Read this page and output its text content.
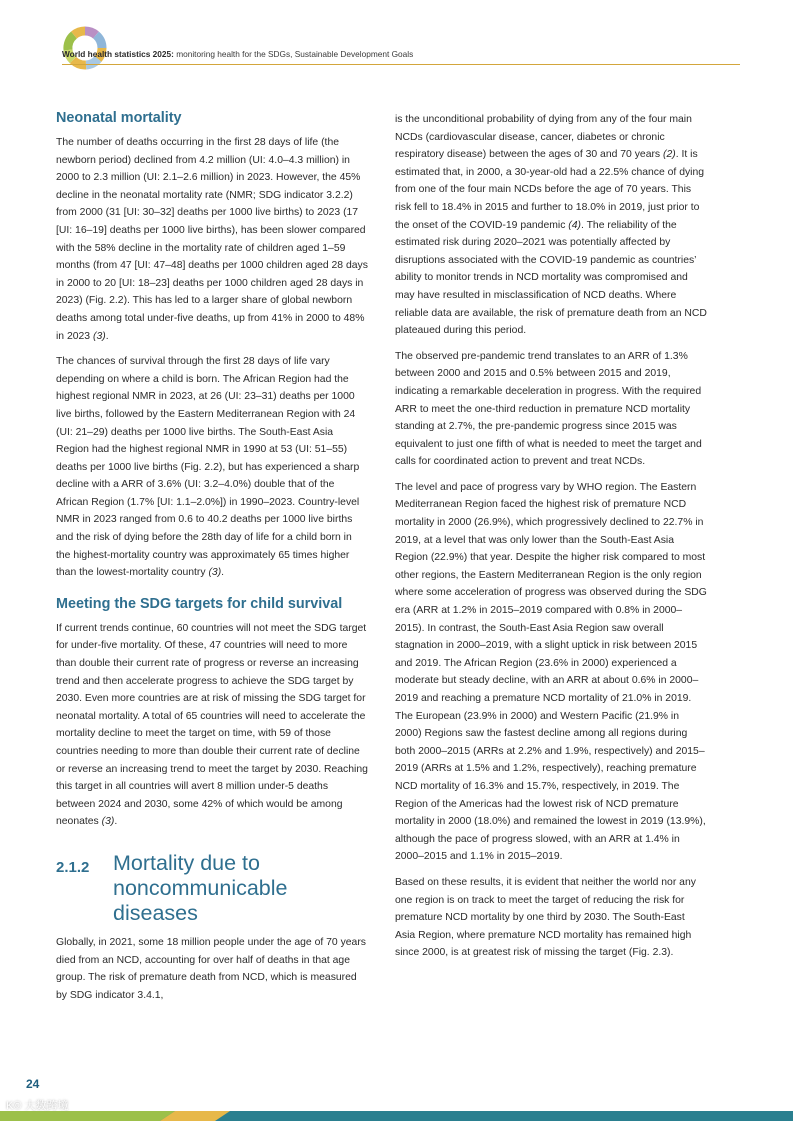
World health statistics 2025: monitoring health for the SDGs, Sustainable Development Goals
Neonatal mortality

The number of deaths occurring in the first 28 days of life (the newborn period) declined from 4.2 million (UI: 4.0–4.3 million) in 2000 to 2.3 million (UI: 2.1–2.6 million) in 2023. However, the 45% decline in the neonatal mortality rate (NMR; SDG indicator 3.2.2) from 2000 (31 [UI: 30–32] deaths per 1000 live births) to 2023 (17 [UI: 16–19] deaths per 1000 live births), has been slower compared with the 58% decline in the mortality rate of children aged 1–59 months (from 47 [UI: 47–48] deaths per 1000 children aged 28 days in 2000 to 20 [UI: 18–23] deaths per 1000 children aged 28 days in 2023) (Fig. 2.2). This has led to a larger share of global newborn deaths among total under-five deaths, up from 41% in 2000 to 48% in 2023 (3).

The chances of survival through the first 28 days of life vary depending on where a child is born. The African Region had the highest regional NMR in 2023, at 26 (UI: 23–31) deaths per 1000 live births, followed by the Eastern Mediterranean Region with 24 (UI: 21–29) deaths per 1000 live births. The South-East Asia Region had the highest regional NMR in 1990 at 53 (UI: 51–55) deaths per 1000 live births (Fig. 2.2), but has experienced a sharp decline with a ARR of 3.6% (UI: 3.2–4.0%) double that of the African Region (1.7% [UI: 1.1–2.0%]) in 1990–2023. Country-level NMR in 2023 ranged from 0.6 to 40.2 deaths per 1000 live births and the risk of dying before the 28th day of life for a child born in the highest-mortality country was approximately 65 times higher than the lowest-mortality country (3).

Meeting the SDG targets for child survival

If current trends continue, 60 countries will not meet the SDG target for under-five mortality. Of these, 47 countries will need to more than double their current rate of progress or reverse an increasing trend and then accelerate progress to achieve the SDG target by 2030. Even more countries are at risk of missing the SDG target for neonatal mortality. A total of 65 countries will need to accelerate the mortality decline to meet the target on time, with 59 of those countries needing to more than double their current rate of decline or reverse an increasing trend to meet the target by 2030. Reaching this target in all countries will avert 8 million under-5 deaths between 2024 and 2030, some 42% of which would be among neonates (3).

2.1.2	Mortality due to
noncommunicable
diseases

Globally, in 2021, some 18 million people under the age of 70 years died from an NCD, accounting for over half of deaths in that age group. The risk of premature death from NCD, which is measured by SDG indicator 3.4.1,

is the unconditional probability of dying from any of the four main NCDs (cardiovascular disease, cancer, diabetes or chronic respiratory disease) between the ages of 30 and 70 years (2). It is estimated that, in 2000, a 30-year-old had a 22.5% chance of dying from one of the four main NCDs before the age of 70 years. This risk fell to 18.4% in 2015 and further to 18.0% in 2019, just prior to the onset of the COVID-19 pandemic (4). The reliability of the estimated risk during 2020–2021 was potentially affected by disruptions associated with the COVID-19 pandemic as countries’ ability to monitor trends in NCD mortality was compromised and may have resulted in misclassification of NCD deaths. Where reliable data are available, the risk of premature death from an NCD plateaued during this period.

The observed pre-pandemic trend translates to an ARR of 1.3% between 2000 and 2015 and 0.5% between 2015 and 2019, indicating a remarkable deceleration in progress. With the required ARR to meet the one-third reduction in premature NCD mortality standing at 2.7%, the pre-pandemic progress since 2015 was equivalent to just one fifth of what is needed to meet the target and calls for coordinated action to prevent and treat NCDs.

The level and pace of progress vary by WHO region. The Eastern Mediterranean Region faced the highest risk of premature NCD mortality in 2000 (26.9%), which progressively declined to 22.7% in 2019, at a level that was only lower than the South-East Asia Region (22.9%) that year. Despite the higher risk compared to most other regions, the Eastern Mediterranean Region is the only region where some acceleration of progress was observed during the SDG era (ARR at 1.2% in 2015–2019 compared with 0.8% in 2000–2015). In contrast, the South-East Asia Region saw overall stagnation in 2000–2019, with a slight uptick in risk between 2015 and 2019. The African Region (23.6% in 2000) experienced a moderate but steady decline, with an ARR at about 0.6% in 2000–2019 and reaching a premature NCD mortality of 21.0% in 2019. The European (23.9% in 2000) and Western Pacific (21.9% in 2000) Regions saw the fastest decline among all regions during both 2000–2015 (ARRs at 2.2% and 1.9%, respectively) and 2015–2019 (ARRs at 1.5% and 1.2%, respectively), reaching premature NCD mortality of 16.3% and 15.7%, respectively, in 2019. The Region of the Americas had the lowest risk of NCD premature mortality in 2000 (18.0%) and remained the lowest in 2019 (13.9%), although the pace of progress slowed, with an ARR at 1.4% in 2000–2015 and 1.1% in 2015–2019.

Based on these results, it is evident that neither the world nor any one region is on track to meet the target of reducing the risk for premature NCD mortality by one third by 2030. The South-East Asia Region, where premature NCD mortality has remained high since 2000, is at greatest risk of missing the target (Fig. 2.3).

24
K© 大数跨境
